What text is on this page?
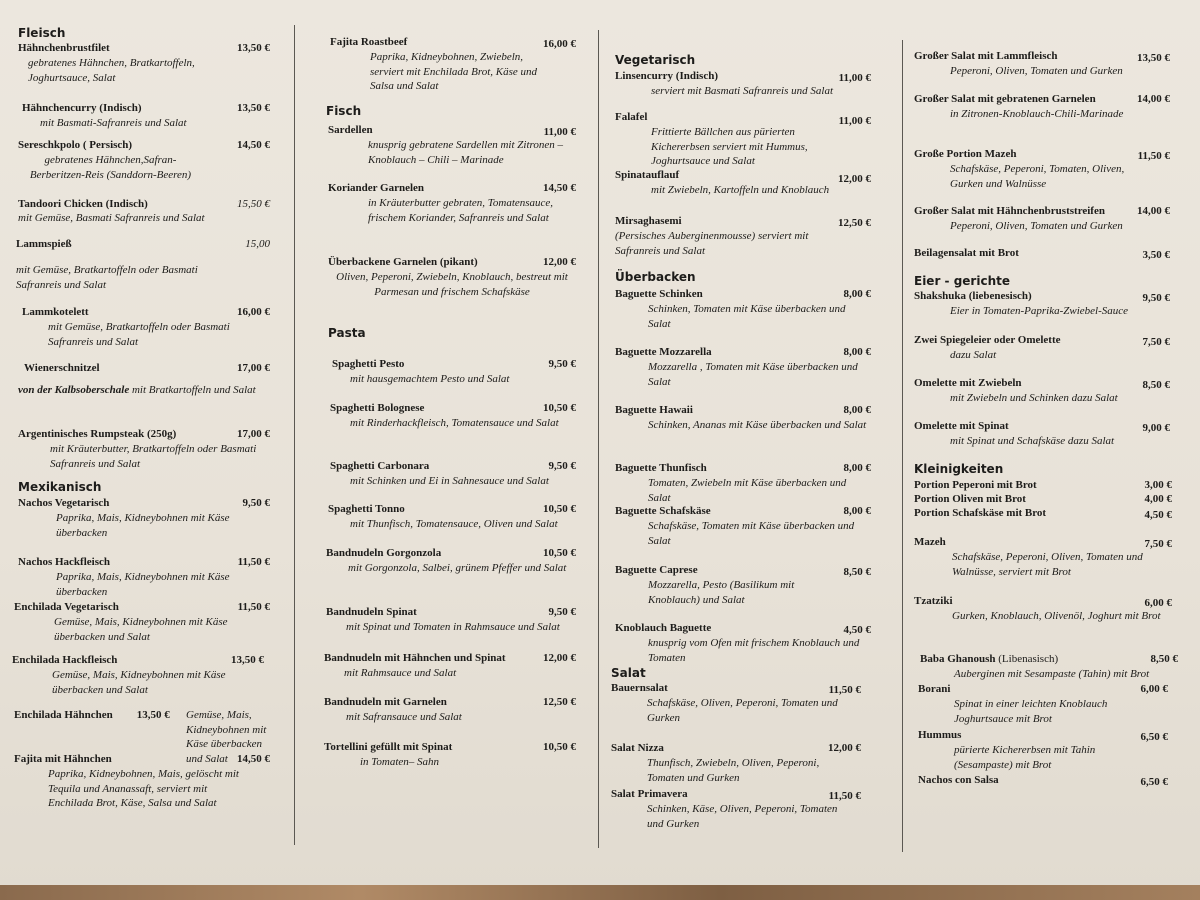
Fleisch
Hähnchenbrustfilet	13,50 €
gebratenes Hähnchen, Bratkartoffeln, Joghurtsauce, Salat
Hähnchencurry (Indisch)	13,50 €
mit Basmati-Safranreis und Salat
Sereschkpolo ( Persisch)	14,50 €
gebratenes Hähnchen,Safran-Berberitzen-Reis (Sanddorn-Beeren)
Tandoori Chicken (Indisch)	15,50 €
mit Gemüse, Basmati Safranreis und Salat
Lammspieß	15,00
mit Gemüse, Bratkartoffeln oder Basmati Safranreis und Salat
Lammkotelett	16,00 €
mit Gemüse, Bratkartoffeln oder Basmati Safranreis und Salat
Wienerschnitzel	17,00 €
von der Kalbsoberschale mit Bratkartoffeln und Salat
Argentinisches Rumpsteak (250g)	17,00 €
mit Kräuterbutter, Bratkartoffeln oder Basmati Safranreis und Salat
Mexikanisch
Nachos Vegetarisch	9,50 €
Paprika, Mais, Kidneybohnen mit Käse überbacken
Nachos Hackfleisch	11,50 €
Paprika, Mais, Kidneybohnen mit Käse überbacken
Enchilada Vegetarisch	11,50 €
Gemüse, Mais, Kidneybohnen mit Käse überbacken und Salat
Enchilada Hackfleisch	13,50 €
Gemüse, Mais, Kidneybohnen mit Käse überbacken und Salat
Enchilada Hähnchen 13,50 €	Gemüse, Mais, Kidneybohnen mit Käse überbacken und Salat
Fajita mit Hähnchen	14,50 €
Paprika, Kidneybohnen, Mais, gelöscht mit Tequila und Ananassaft, serviert mit Enchilada Brot, Käse, Salsa und Salat
Fajita Roastbeef	16,00 €
Paprika, Kidneybohnen, Zwiebeln, serviert mit Enchilada Brot, Käse und Salsa und Salat
Fisch
Sardellen	11,00 €
knusprig gebratene Sardellen mit Zitronen – Knoblauch – Chili – Marinade
Koriander Garnelen	14,50 €
in Kräuterbutter gebraten, Tomatensauce, frischem Koriander, Safranreis und Salat
Überbackene Garnelen (pikant)	12,00 €
Oliven, Peperoni, Zwiebeln, Knoblauch, bestreut mit Parmesan und frischem Schafskäse
Pasta
Spaghetti Pesto	9,50 €
mit hausgemachtem Pesto und Salat
Spaghetti Bolognese	10,50 €
mit Rinderhackfleisch, Tomatensauce und Salat
Spaghetti Carbonara	9,50 €
mit Schinken und Ei in Sahnesauce und Salat
Spaghetti Tonno	10,50 €
mit Thunfisch, Tomatensauce, Oliven und Salat
Bandnudeln Gorgonzola	10,50 €
mit Gorgonzola, Salbei, grünem Pfeffer und Salat
Bandnudeln Spinat	9,50 €
mit Spinat und Tomaten in Rahmsauce und Salat
Bandnudeln mit Hähnchen und Spinat	12,00 €
mit Rahmsauce und Salat
Bandnudeln mit Garnelen	12,50 €
mit Safransauce und Salat
Tortellini gefüllt mit Spinat	10,50 €
in Tomaten– Sahn
Vegetarisch
Linsencurry (Indisch)	11,00 €
serviert mit Basmati Safranreis und Salat
Falafel	11,00 €
Frittierte Bällchen aus pürierten Kichererbsen serviert mit Hummus, Joghurtsauce und Salat
Spinatauflauf	12,00 €
mit Zwiebeln, Kartoffeln und Knoblauch
Mirsaghasemi	12,50 €
(Persisches Auberginenmousse) serviert mit Safranreis und Salat
Überbacken
Baguette Schinken	8,00 €
Schinken, Tomaten mit Käse überbacken und Salat
Baguette Mozzarella	8,00 €
Mozzarella , Tomaten mit Käse überbacken und Salat
Baguette Hawaii	8,00 €
Schinken, Ananas mit Käse überbacken und Salat
Baguette Thunfisch	8,00 €
Tomaten, Zwiebeln mit Käse überbacken und Salat
Baguette Schafskäse	8,00 €
Schafskäse, Tomaten mit Käse überbacken und Salat
Baguette Caprese	8,50 €
Mozzarella, Pesto (Basilikum mit Knoblauch) und Salat
Knoblauch Baguette	4,50 €
knusprig vom Ofen mit frischem Knoblauch und Tomaten
Salat
Bauernsalat	11,50 €
Schafskäse, Oliven, Peperoni, Tomaten und Gurken
Salat Nizza	12,00 €
Thunfisch, Zwiebeln, Oliven, Peperoni, Tomaten und Gurken
Salat Primavera	11,50 €
Schinken, Käse, Oliven, Peperoni, Tomaten und Gurken
Großer Salat mit Lammfleisch	13,50 €
Peperoni, Oliven, Tomaten und Gurken
Großer Salat mit gebratenen Garnelen	14,00 €
in Zitronen-Knoblauch-Chili-Marinade
Große Portion Mazeh	11,50 €
Schafskäse, Peperoni, Tomaten, Oliven, Gurken und Walnüsse
Großer Salat mit Hähnchenbruststreifen	14,00 €
Peperoni, Oliven, Tomaten und Gurken
Beilagensalat mit Brot	3,50 €
Eier - gerichte
Shakshuka (liebenesisch)	9,50 €
Eier in Tomaten-Paprika-Zwiebel-Sauce
Zwei Spiegeleier oder Omelette	7,50 €
dazu Salat
Omelette mit Zwiebeln	8,50 €
mit Zwiebeln und Schinken dazu Salat
Omelette mit Spinat	9,00 €
mit Spinat und Schafskäse dazu Salat
Kleinigkeiten
Portion Peperoni mit Brot	3,00 €
Portion Oliven mit Brot	4,00 €
Portion Schafskäse mit Brot	4,50 €
Mazeh	7,50 €
Schafskäse, Peperoni, Oliven, Tomaten und Walnüsse, serviert mit Brot
Tzatziki	6,00 €
Gurken, Knoblauch, Olivenöl, Joghurt mit Brot
Baba Ghanoush (Libenasisch)	8,50 €
Auberginen mit Sesampaste (Tahin) mit Brot
Borani	6,00 €
Spinat in einer leichten Knoblauch Joghurtsauce mit Brot
Hummus	6,50 €
pürierte Kichererbsen mit Tahin (Sesampaste) mit Brot
Nachos con Salsa	6,50 €
